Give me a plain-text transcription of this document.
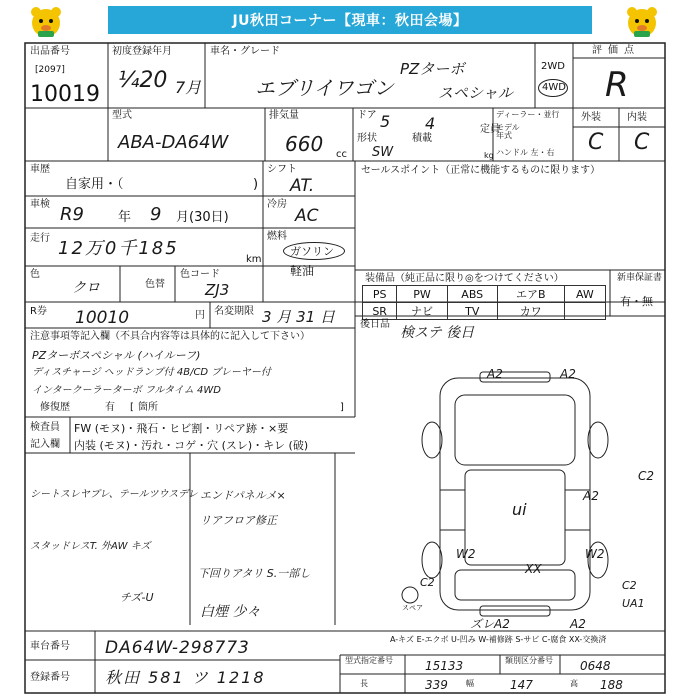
JU秋田コーナー【現車：秋田会場】
出品番号
[2097]
10019
初度登録年月
¼20 7月
車名・グレード
エブリイワゴン
PZターボ
スペシャル
2WD
4WD
評価点
R
型式
ABA-DA64W
排気量
660 cc
ドア 5 4	定員
形状
SW
積載
kg
ディーラー・並行
モデル
年式
ハンドル 左・右
外装	内装
C C
車歴
自家用・（	)
シフト
AT.
セールスポイント（正常に機能するものに限ります）
車検 R9	年 9 月(30日)
冷房
AC
走行 12万0千185
km
燃料
ガソリン
軽油
色
クロ	色替
色コード
ZJ3
装備品（純正品に限り◎をつけてください）	新車保証書
PS	PW	ABS	エアB	AW
SR	ナビ	TV	カワ	
有・無
R券 10010	円 名変期限 3 月 31 日	後日品
検ステ 後日
注意事項等記入欄（不具合内容等は具体的に記入して下さい）
PZターボスペシャル (ハイルーフ)
ディスチャージ ヘッドランプ付 4B/CD プレーヤー付
インタークーラーターボ フルタイム 4WD
修復歴	有 [ 箇所	]
検査員
記入欄
FW (モヌ)・飛石・ヒビ割・リペア跡・×要
内装 (モヌ)・汚れ・コゲ・穴 (スレ)・キレ (破)
シートスレヤブレ、テールツウスデレ
スタッドレスT. 外AW キズ
チズ-U
エンドパネルメ×
リアフロア修正
下回りアタリ S.一部し
白煙 少々
A2	A2
C2
A2
ui
W2	W2
XX
C2	C2
UA1
ズレA2	A2
スペア
車台番号 DA64W-298773
登録番号 秋田 581 ツ 1218
A-キズ E-エクボ U-凹み W-補修跡 S-サビ C-腐食 XX-交換済
型式指定番号	15133	類別区分番号 0648
長	339 幅	147	高 188
